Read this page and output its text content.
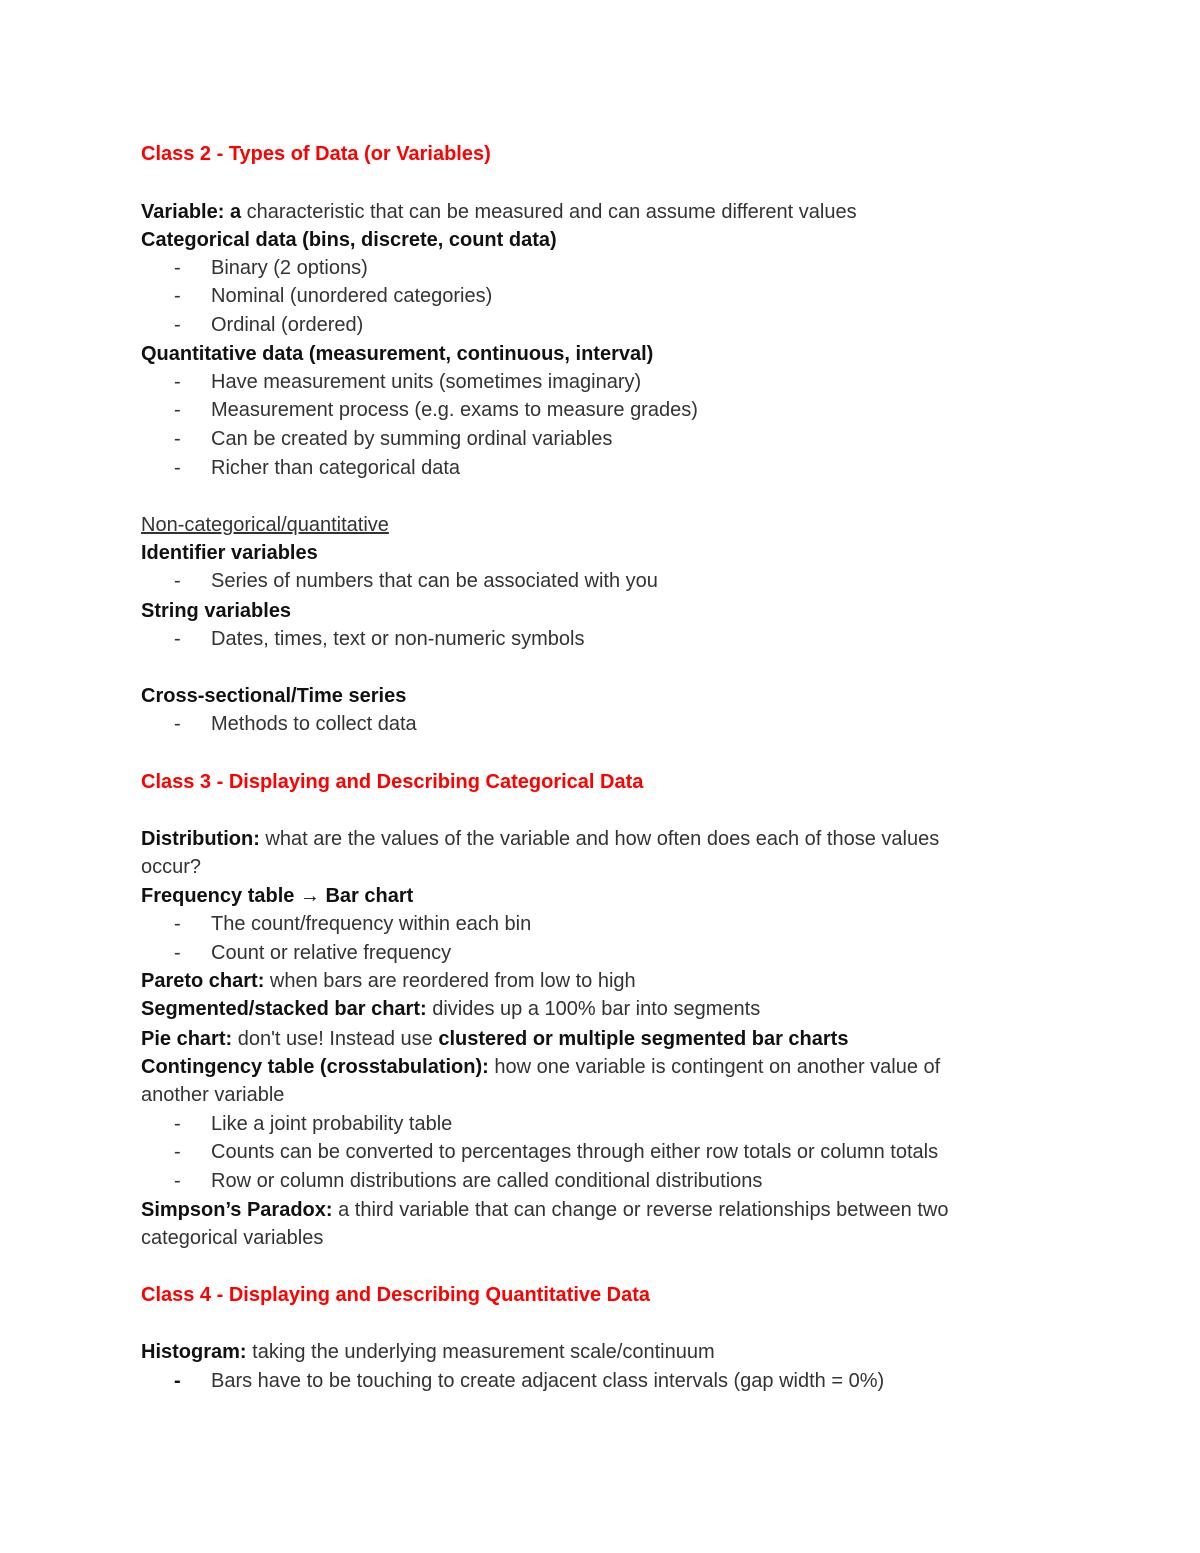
Class 2 - Types of Data (or Variables)
Variable: a characteristic that can be measured and can assume different values
Categorical data (bins, discrete, count data)
- Binary (2 options)
- Nominal (unordered categories)
- Ordinal (ordered)
Quantitative data (measurement, continuous, interval)
- Have measurement units (sometimes imaginary)
- Measurement process (e.g. exams to measure grades)
- Can be created by summing ordinal variables
- Richer than categorical data
Non-categorical/quantitative
Identifier variables
- Series of numbers that can be associated with you
String variables
- Dates, times, text or non-numeric symbols
Cross-sectional/Time series
- Methods to collect data
Class 3 - Displaying and Describing Categorical Data
Distribution: what are the values of the variable and how often does each of those values
occur?
Frequency table → Bar chart
- The count/frequency within each bin
- Count or relative frequency
Pareto chart: when bars are reordered from low to high
Segmented/stacked bar chart: divides up a 100% bar into segments
Pie chart: don't use! Instead use clustered or multiple segmented bar charts
Contingency table (crosstabulation): how one variable is contingent on another value of
another variable
- Like a joint probability table
- Counts can be converted to percentages through either row totals or column totals
- Row or column distributions are called conditional distributions
Simpson’s Paradox: a third variable that can change or reverse relationships between two
categorical variables
Class 4 - Displaying and Describing Quantitative Data
Histogram: taking the underlying measurement scale/continuum
- Bars have to be touching to create adjacent class intervals (gap width = 0%)
